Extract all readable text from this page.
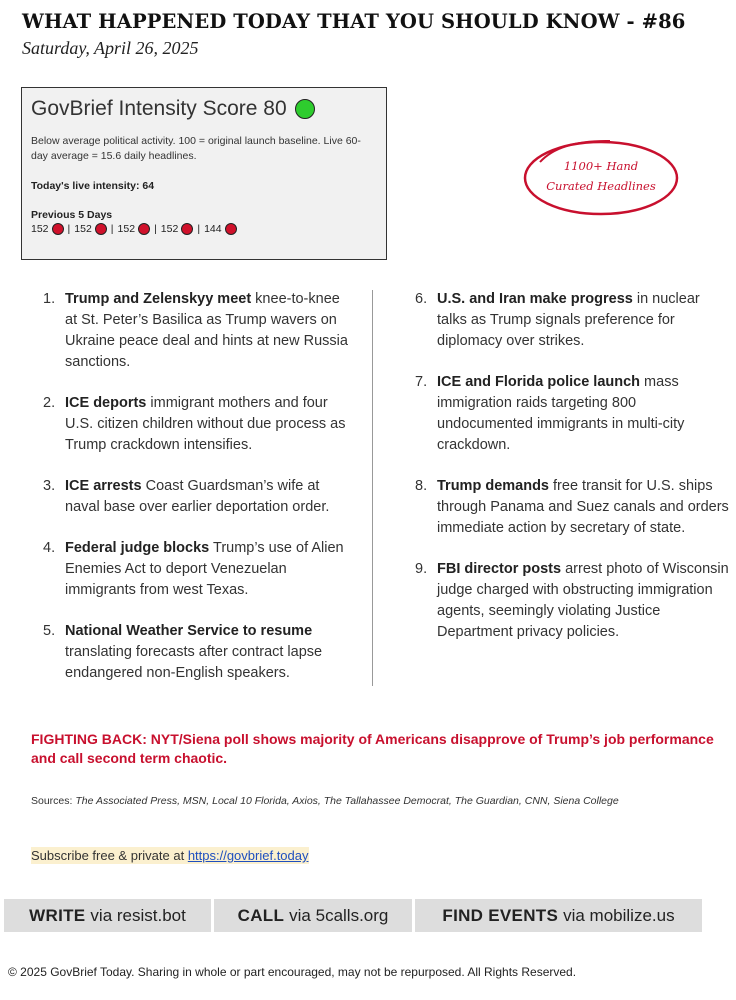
WHAT HAPPENED TODAY THAT YOU SHOULD KNOW - #86
Saturday, April 26, 2025
GovBrief Intensity Score 80
Below average political activity. 100 = original launch baseline. Live 60-day average = 15.6 daily headlines.
Today's live intensity: 64
Previous 5 Days
152 | 152 | 152 | 152 | 144
1100+ Hand
Curated Headlines
1. Trump and Zelenskyy meet knee-to-knee at St. Peter’s Basilica as Trump wavers on Ukraine peace deal and hints at new Russia sanctions.
2. ICE deports immigrant mothers and four U.S. citizen children without due process as Trump crackdown intensifies.
3. ICE arrests Coast Guardsman’s wife at naval base over earlier deportation order.
4. Federal judge blocks Trump’s use of Alien Enemies Act to deport Venezuelan immigrants from west Texas.
5. National Weather Service to resume translating forecasts after contract lapse endangered non-English speakers.
6. U.S. and Iran make progress in nuclear talks as Trump signals preference for diplomacy over strikes.
7. ICE and Florida police launch mass immigration raids targeting 800 undocumented immigrants in multi-city crackdown.
8. Trump demands free transit for U.S. ships through Panama and Suez canals and orders immediate action by secretary of state.
9. FBI director posts arrest photo of Wisconsin judge charged with obstructing immigration agents, seemingly violating Justice Department privacy policies.
FIGHTING BACK: NYT/Siena poll shows majority of Americans disapprove of Trump’s job performance and call second term chaotic.
Sources: The Associated Press, MSN, Local 10 Florida, Axios, The Tallahassee Democrat, The Guardian, CNN, Siena College
Subscribe free & private at https://govbrief.today
WRITE via resist.bot	CALL via 5calls.org	FIND EVENTS via mobilize.us
© 2025 GovBrief Today. Sharing in whole or part encouraged, may not be repurposed. All Rights Reserved.
